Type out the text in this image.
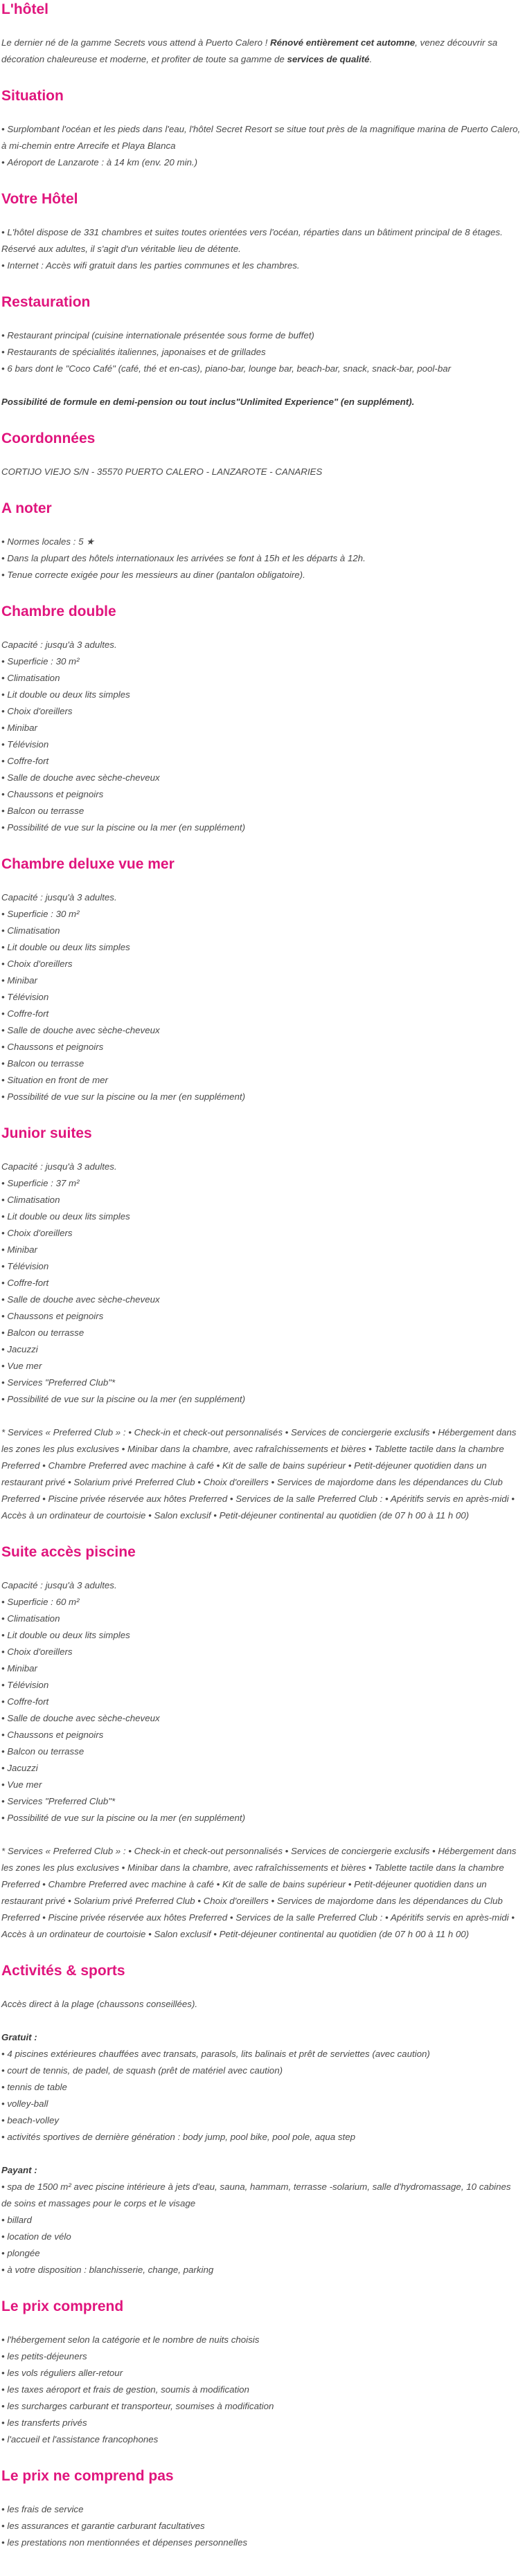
L'hôtel

Le dernier né de la gamme Secrets vous attend à Puerto Calero ! Rénové entièrement cet automne, venez découvrir sa décoration chaleureuse et moderne, et profiter de toute sa gamme de services de qualité.

Situation

• Surplombant l'océan et les pieds dans l'eau, l'hôtel Secret Resort se situe tout près de la magnifique marina de Puerto Calero, à mi-chemin entre Arrecife et Playa Blanca

• Aéroport de Lanzarote : à 14 km (env. 20 min.)

Votre Hôtel

• L'hôtel dispose de 331 chambres et suites toutes orientées vers l'océan, réparties dans un bâtiment principal de 8 étages. Réservé aux adultes, il s'agit d'un véritable lieu de détente.

• Internet : Accès wifi gratuit dans les parties communes et les chambres.

Restauration

• Restaurant principal (cuisine internationale présentée sous forme de buffet)

• Restaurants de spécialités italiennes, japonaises et de grillades

• 6 bars dont le "Coco Café" (café, thé et en-cas), piano-bar, lounge bar, beach-bar, snack, snack-bar, pool-bar

Possibilité de formule en demi-pension ou tout inclus"Unlimited Experience" (en supplément).

Coordonnées

CORTIJO VIEJO S/N - 35570 PUERTO CALERO - LANZAROTE - CANARIES

A noter

• Normes locales : 5 ★

• Dans la plupart des hôtels internationaux les arrivées se font à 15h et les départs à 12h.

• Tenue correcte exigée pour les messieurs au diner (pantalon obligatoire).

Chambre double

Capacité : jusqu'à 3 adultes.

• Superficie : 30 m²

• Climatisation

• Lit double ou deux lits simples

• Choix d'oreillers

• Minibar

• Télévision

• Coffre-fort

• Salle de douche avec sèche-cheveux

• Chaussons et peignoirs

• Balcon ou terrasse

• Possibilité de vue sur la piscine ou la mer (en supplément)

Chambre deluxe vue mer

Capacité : jusqu'à 3 adultes.

• Superficie : 30 m²

• Climatisation

• Lit double ou deux lits simples

• Choix d'oreillers

• Minibar

• Télévision

• Coffre-fort

• Salle de douche avec sèche-cheveux

• Chaussons et peignoirs

• Balcon ou terrasse

• Situation en front de mer

• Possibilité de vue sur la piscine ou la mer (en supplément)

Junior suites

Capacité : jusqu'à 3 adultes.

• Superficie : 37 m²

• Climatisation

• Lit double ou deux lits simples

• Choix d'oreillers

• Minibar

• Télévision

• Coffre-fort

• Salle de douche avec sèche-cheveux

• Chaussons et peignoirs

• Balcon ou terrasse

• Jacuzzi

• Vue mer

• Services "Preferred Club"*

• Possibilité de vue sur la piscine ou la mer (en supplément)

* Services « Preferred Club » : • Check-in et check-out personnalisés • Services de conciergerie exclusifs • Hébergement dans les zones les plus exclusives • Minibar dans la chambre, avec rafraîchissements et bières • Tablette tactile dans la chambre Preferred • Chambre Preferred avec machine à café • Kit de salle de bains supérieur • Petit-déjeuner quotidien dans un restaurant privé • Solarium privé Preferred Club • Choix d'oreillers • Services de majordome dans les dépendances du Club Preferred • Piscine privée réservée aux hôtes Preferred • Services de la salle Preferred Club : • Apéritifs servis en après-midi • Accès à un ordinateur de courtoisie • Salon exclusif • Petit-déjeuner continental au quotidien (de 07 h 00 à 11 h 00)

Suite accès piscine

Capacité : jusqu'à 3 adultes.

• Superficie : 60 m²

• Climatisation

• Lit double ou deux lits simples

• Choix d'oreillers

• Minibar

• Télévision

• Coffre-fort

• Salle de douche avec sèche-cheveux

• Chaussons et peignoirs

• Balcon ou terrasse

• Jacuzzi

• Vue mer

• Services "Preferred Club"*

• Possibilité de vue sur la piscine ou la mer (en supplément)

* Services « Preferred Club » : • Check-in et check-out personnalisés • Services de conciergerie exclusifs • Hébergement dans les zones les plus exclusives • Minibar dans la chambre, avec rafraîchissements et bières • Tablette tactile dans la chambre Preferred • Chambre Preferred avec machine à café • Kit de salle de bains supérieur • Petit-déjeuner quotidien dans un restaurant privé • Solarium privé Preferred Club • Choix d'oreillers • Services de majordome dans les dépendances du Club Preferred • Piscine privée réservée aux hôtes Preferred • Services de la salle Preferred Club : • Apéritifs servis en après-midi • Accès à un ordinateur de courtoisie • Salon exclusif • Petit-déjeuner continental au quotidien (de 07 h 00 à 11 h 00)

Activités & sports

Accès direct à la plage (chaussons conseillées).

Gratuit :

• 4 piscines extérieures chauffées avec transats, parasols, lits balinais et prêt de serviettes (avec caution)

• court de tennis, de padel, de squash (prêt de matériel avec caution)

• tennis de table

• volley-ball

• beach-volley

• activités sportives de dernière génération : body jump, pool bike, pool pole, aqua step

Payant :

• spa de 1500 m² avec piscine intérieure à jets d'eau, sauna, hammam, terrasse -solarium, salle d'hydromassage, 10 cabines de soins et massages pour le corps et le visage

• billard

• location de vélo

• plongée

• à votre disposition : blanchisserie, change, parking

Le prix comprend

• l'hébergement selon la catégorie et le nombre de nuits choisis

• les petits-déjeuners

• les vols réguliers aller-retour

• les taxes aéroport et frais de gestion, soumis à modification

• les surcharges carburant et transporteur, soumises à modification

• les transferts privés

• l'accueil et l'assistance francophones

Le prix ne comprend pas

• les frais de service

• les assurances et garantie carburant facultatives

• les prestations non mentionnées et dépenses personnelles
